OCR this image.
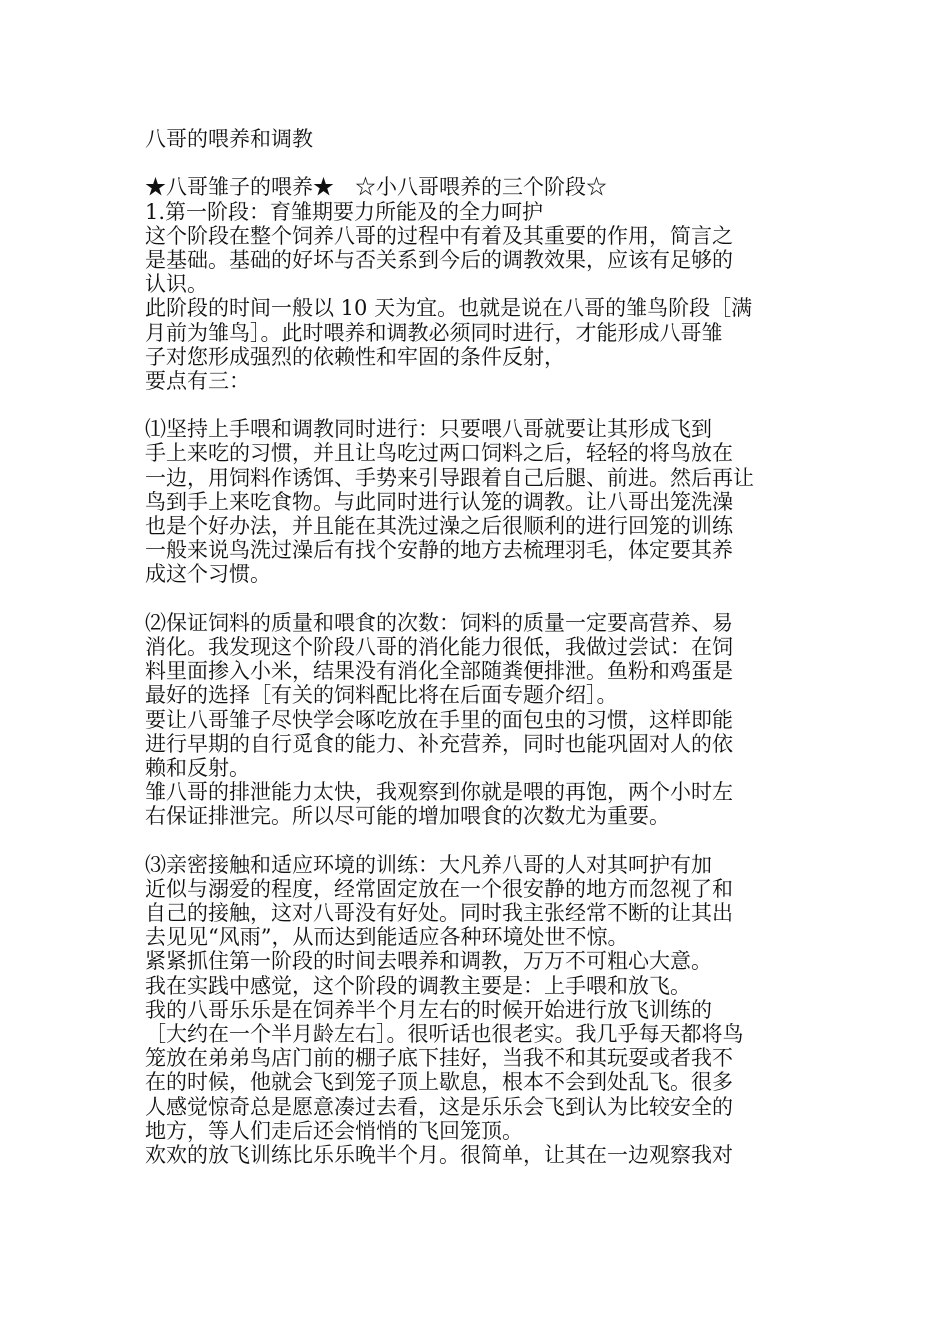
八哥的喂养和调教
★八哥雏子的喂养★　☆小八哥喂养的三个阶段☆
1.第一阶段：育雏期要力所能及的全力呵护
这个阶段在整个饲养八哥的过程中有着及其重要的作用，简言之
是基础。基础的好坏与否关系到今后的调教效果，应该有足够的
认识。
此阶段的时间一般以 10 天为宜。也就是说在八哥的雏鸟阶段［满
月前为雏鸟］。此时喂养和调教必须同时进行，才能形成八哥雏
子对您形成强烈的依赖性和牢固的条件反射，
要点有三：
⑴坚持上手喂和调教同时进行：只要喂八哥就要让其形成飞到
手上来吃的习惯，并且让鸟吃过两口饲料之后，轻轻的将鸟放在
一边，用饲料作诱饵、手势来引导跟着自己后腿、前进。然后再让
鸟到手上来吃食物。与此同时进行认笼的调教。让八哥出笼洗澡
也是个好办法，并且能在其洗过澡之后很顺利的进行回笼的训练
一般来说鸟洗过澡后有找个安静的地方去梳理羽毛，体定要其养
成这个习惯。
⑵保证饲料的质量和喂食的次数：饲料的质量一定要高营养、易
消化。我发现这个阶段八哥的消化能力很低，我做过尝试：在饲
料里面掺入小米，结果没有消化全部随粪便排泄。鱼粉和鸡蛋是
最好的选择［有关的饲料配比将在后面专题介绍］。
要让八哥雏子尽快学会啄吃放在手里的面包虫的习惯，这样即能
进行早期的自行觅食的能力、补充营养，同时也能巩固对人的依
赖和反射。
雏八哥的排泄能力太快，我观察到你就是喂的再饱，两个小时左
右保证排泄完。所以尽可能的增加喂食的次数尤为重要。
⑶亲密接触和适应环境的训练：大凡养八哥的人对其呵护有加
近似与溺爱的程度，经常固定放在一个很安静的地方而忽视了和
自己的接触，这对八哥没有好处。同时我主张经常不断的让其出
去见见“风雨”，从而达到能适应各种环境处世不惊。
紧紧抓住第一阶段的时间去喂养和调教，万万不可粗心大意。
我在实践中感觉，这个阶段的调教主要是：上手喂和放飞。
我的八哥乐乐是在饲养半个月左右的时候开始进行放飞训练的
［大约在一个半月龄左右］。很听话也很老实。我几乎每天都将鸟
笼放在弟弟鸟店门前的棚子底下挂好，当我不和其玩耍或者我不
在的时候，他就会飞到笼子顶上歇息，根本不会到处乱飞。很多
人感觉惊奇总是愿意凑过去看，这是乐乐会飞到认为比较安全的
地方，等人们走后还会悄悄的飞回笼顶。
欢欢的放飞训练比乐乐晚半个月。很简单，让其在一边观察我对
